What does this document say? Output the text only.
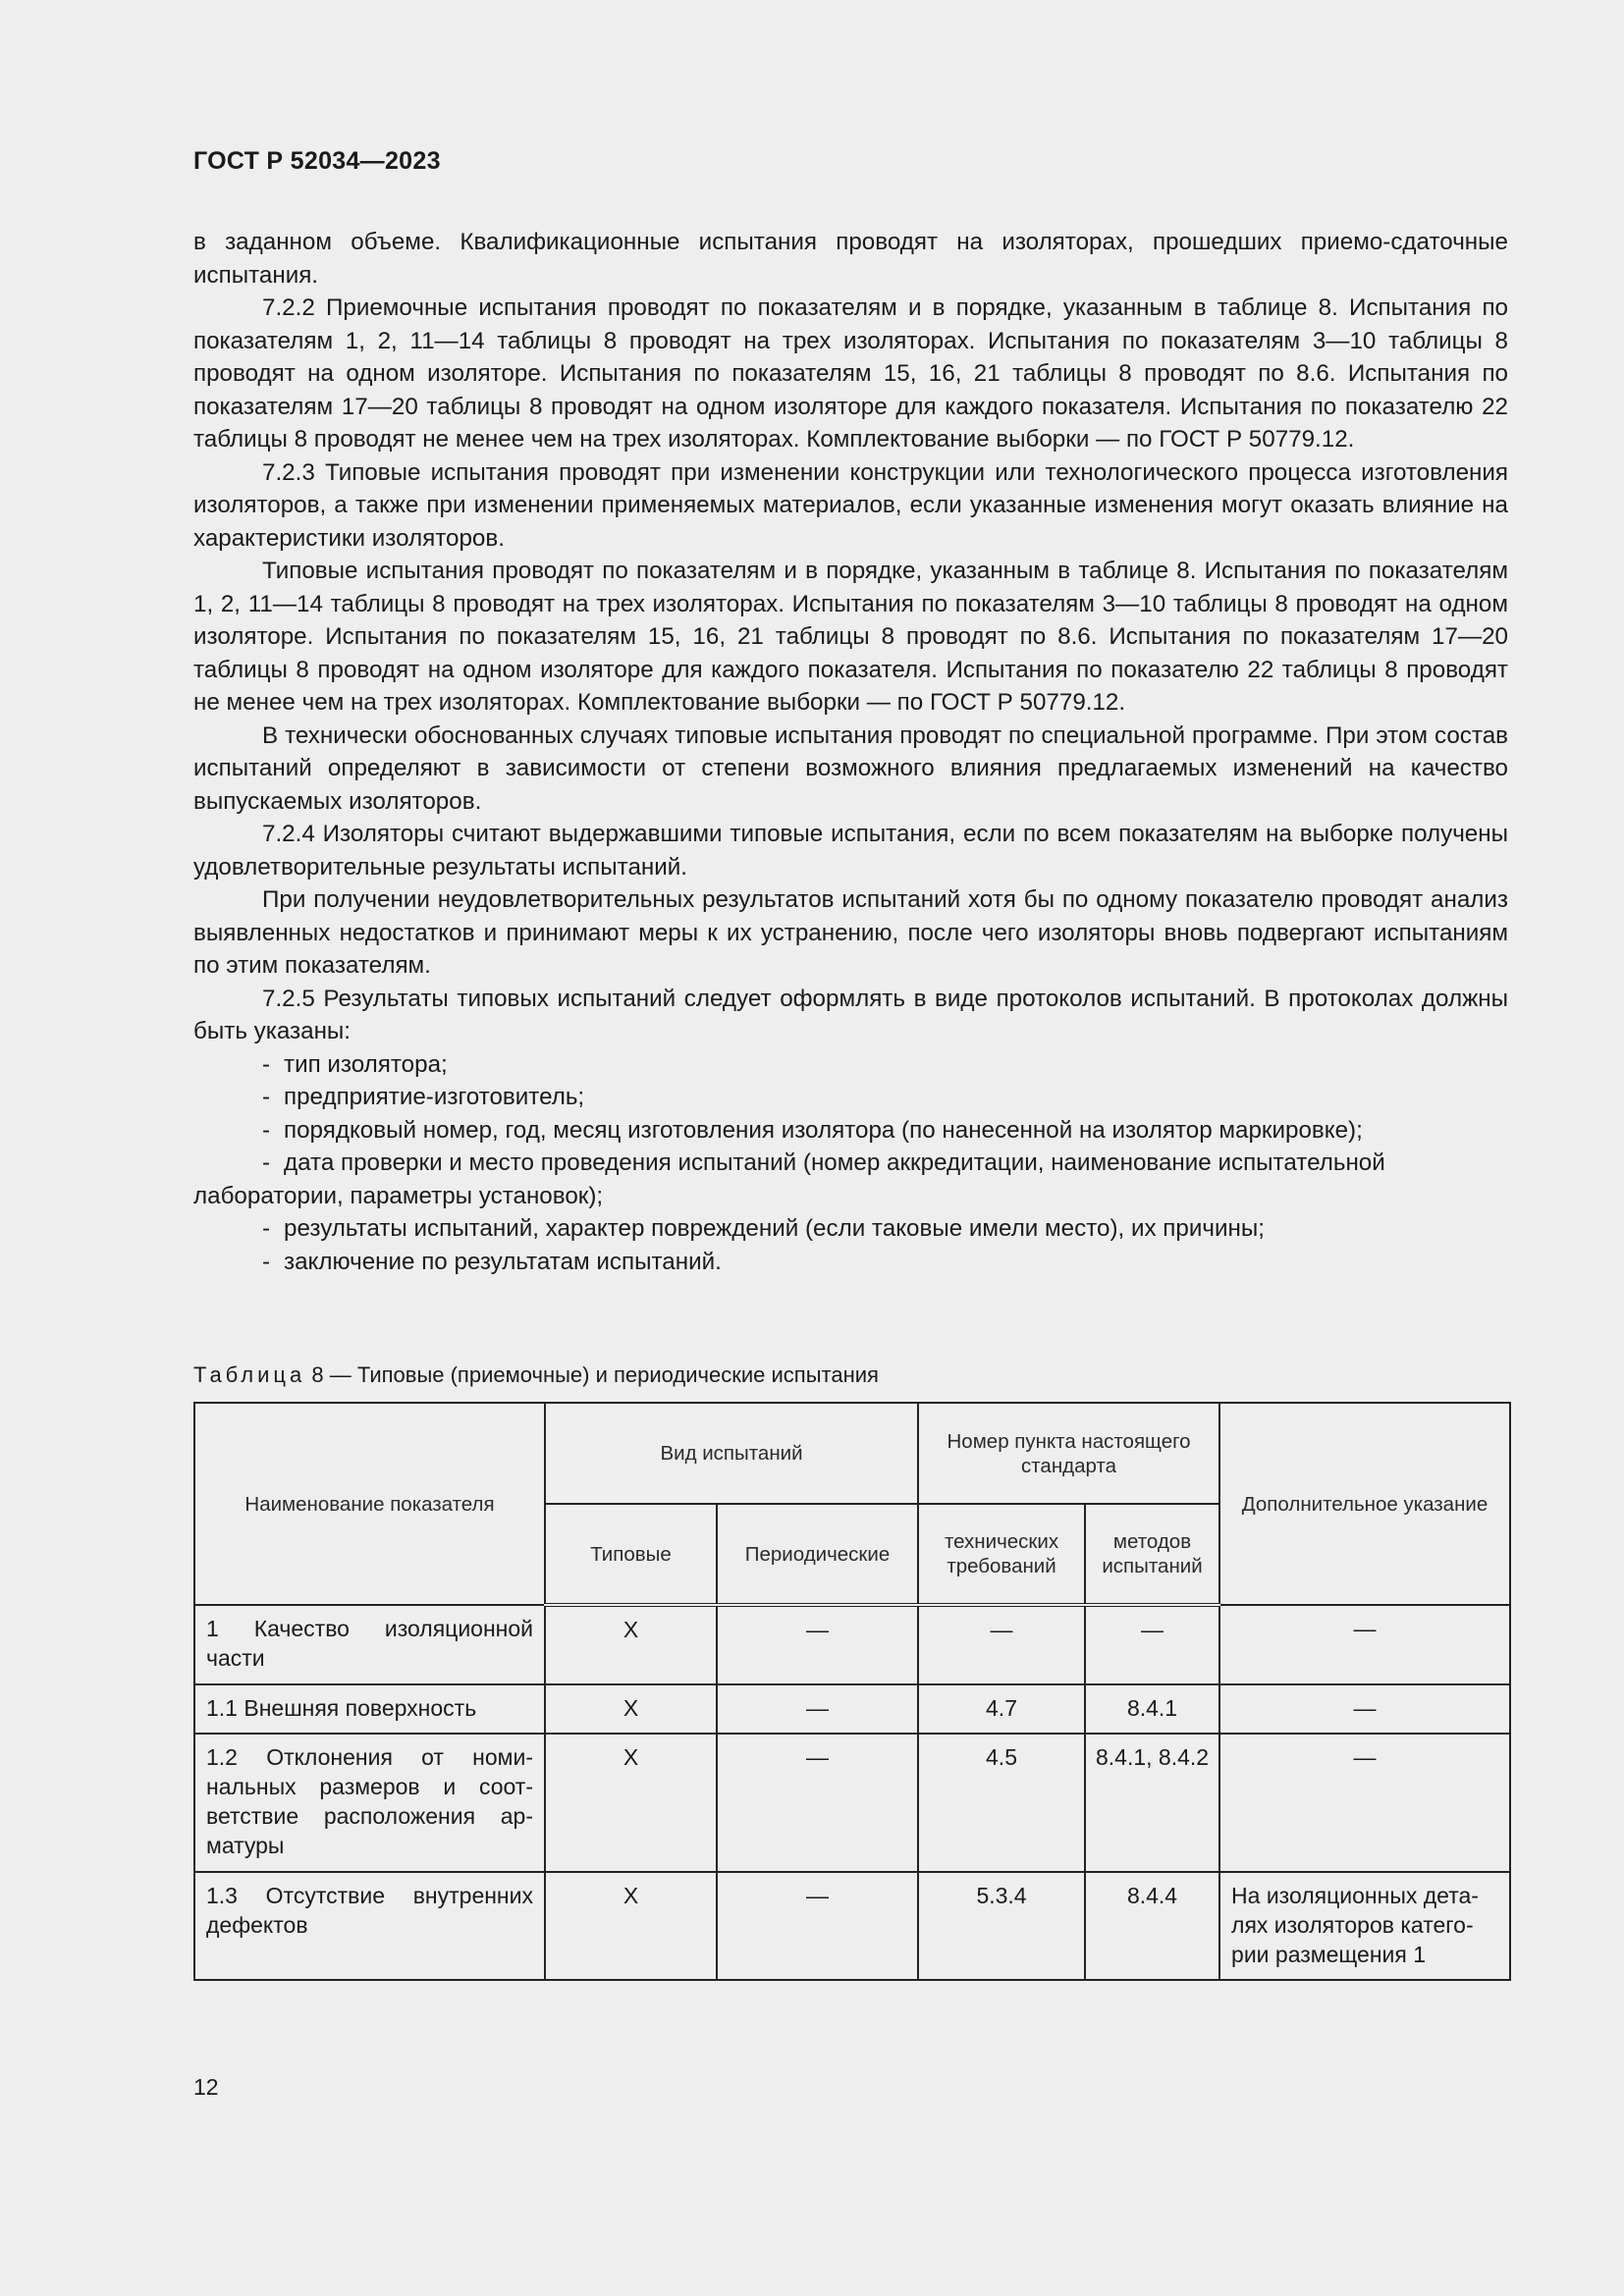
ГОСТ Р 52034—2023

в заданном объеме. Квалификационные испытания проводят на изоляторах, прошедших приемо-сдаточные испытания.

7.2.2 Приемочные испытания проводят по показателям и в порядке, указанным в таблице 8. Испытания по показателям 1, 2, 11—14 таблицы 8 проводят на трех изоляторах. Испытания по показателям 3—10 таблицы 8 проводят на одном изоляторе. Испытания по показателям 15, 16, 21 таблицы 8 проводят по 8.6. Испытания по показателям 17—20 таблицы 8 проводят на одном изоляторе для каждого показателя. Испытания по показателю 22 таблицы 8 проводят не менее чем на трех изоляторах. Комплектование выборки — по ГОСТ Р 50779.12.

7.2.3 Типовые испытания проводят при изменении конструкции или технологического процесса изготовления изоляторов, а также при изменении применяемых материалов, если указанные изменения могут оказать влияние на характеристики изоляторов.

Типовые испытания проводят по показателям и в порядке, указанным в таблице 8. Испытания по показателям 1, 2, 11—14 таблицы 8 проводят на трех изоляторах. Испытания по показателям 3—10 таблицы 8 проводят на одном изоляторе. Испытания по показателям 15, 16, 21 таблицы 8 проводят по 8.6. Испытания по показателям 17—20 таблицы 8 проводят на одном изоляторе для каждого показателя. Испытания по показателю 22 таблицы 8 проводят не менее чем на трех изоляторах. Комплектование выборки — по ГОСТ Р 50779.12.

В технически обоснованных случаях типовые испытания проводят по специальной программе. При этом состав испытаний определяют в зависимости от степени возможного влияния предлагаемых изменений на качество выпускаемых изоляторов.

7.2.4 Изоляторы считают выдержавшими типовые испытания, если по всем показателям на выборке получены удовлетворительные результаты испытаний.

При получении неудовлетворительных результатов испытаний хотя бы по одному показателю проводят анализ выявленных недостатков и принимают меры к их устранению, после чего изоляторы вновь подвергают испытаниям по этим показателям.

7.2.5 Результаты типовых испытаний следует оформлять в виде протоколов испытаний. В протоколах должны быть указаны:

- тип изолятора;
- предприятие-изготовитель;
- порядковый номер, год, месяц изготовления изолятора (по нанесенной на изолятор маркировке);
- дата проверки и место проведения испытаний (номер аккредитации, наименование испытательной лаборатории, параметры установок);
- результаты испытаний, характер повреждений (если таковые имели место), их причины;
- заключение по результатам испытаний.
Таблица 8 — Типовые (приемочные) и периодические испытания
Наименование показателя	Вид испытаний		Номер пункта настоящего стандарта		Дополнительное указание
	Типовые	Периодические	технических требований	методов испытаний	
1 Качество изоляционной части	Х	—	—	—	—
1.1 Внешняя поверхность	Х	—	4.7	8.4.1	—
1.2 Отклонения от номинальных размеров и соответствие расположения арматуры	Х	—	4.5	8.4.1, 8.4.2	—
1.3 Отсутствие внутренних дефектов	Х	—	5.3.4	8.4.4	На изоляционных деталях изоляторов категории размещения 1
12
